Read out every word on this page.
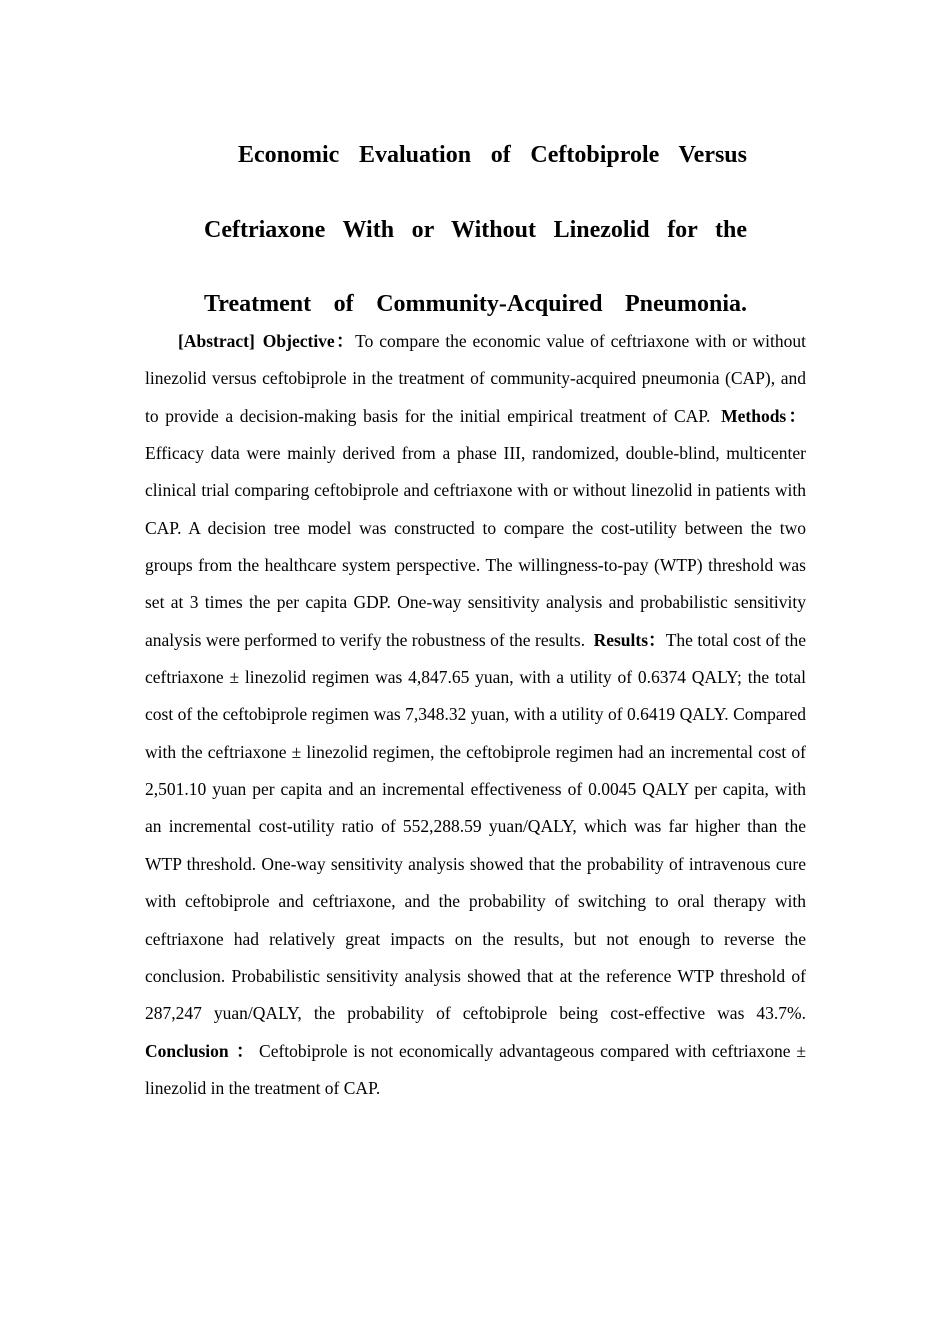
Economic Evaluation of Ceftobiprole Versus
Ceftriaxone With or Without Linezolid for the
Treatment of Community-Acquired Pneumonia.

[Abstract] Objective：To compare the economic value of ceftriaxone with or without linezolid versus ceftobiprole in the treatment of community-acquired pneumonia (CAP), and to provide a decision-making basis for the initial empirical treatment of CAP. Methods：Efficacy data were mainly derived from a phase III, randomized, double-blind, multicenter clinical trial comparing ceftobiprole and ceftriaxone with or without linezolid in patients with CAP. A decision tree model was constructed to compare the cost-utility between the two groups from the healthcare system perspective. The willingness-to-pay (WTP) threshold was set at 3 times the per capita GDP. One-way sensitivity analysis and probabilistic sensitivity analysis were performed to verify the robustness of the results. Results：The total cost of the ceftriaxone ± linezolid regimen was 4,847.65 yuan, with a utility of 0.6374 QALY; the total cost of the ceftobiprole regimen was 7,348.32 yuan, with a utility of 0.6419 QALY. Compared with the ceftriaxone ± linezolid regimen, the ceftobiprole regimen had an incremental cost of 2,501.10 yuan per capita and an incremental effectiveness of 0.0045 QALY per capita, with an incremental cost-utility ratio of 552,288.59 yuan/QALY, which was far higher than the WTP threshold. One-way sensitivity analysis showed that the probability of intravenous cure with ceftobiprole and ceftriaxone, and the probability of switching to oral therapy with ceftriaxone had relatively great impacts on the results, but not enough to reverse the conclusion. Probabilistic sensitivity analysis showed that at the reference WTP threshold of 287,247 yuan/QALY, the probability of ceftobiprole being cost-effective was 43.7%. Conclusion ： Ceftobiprole is not economically advantageous compared with ceftriaxone ± linezolid in the treatment of CAP.
